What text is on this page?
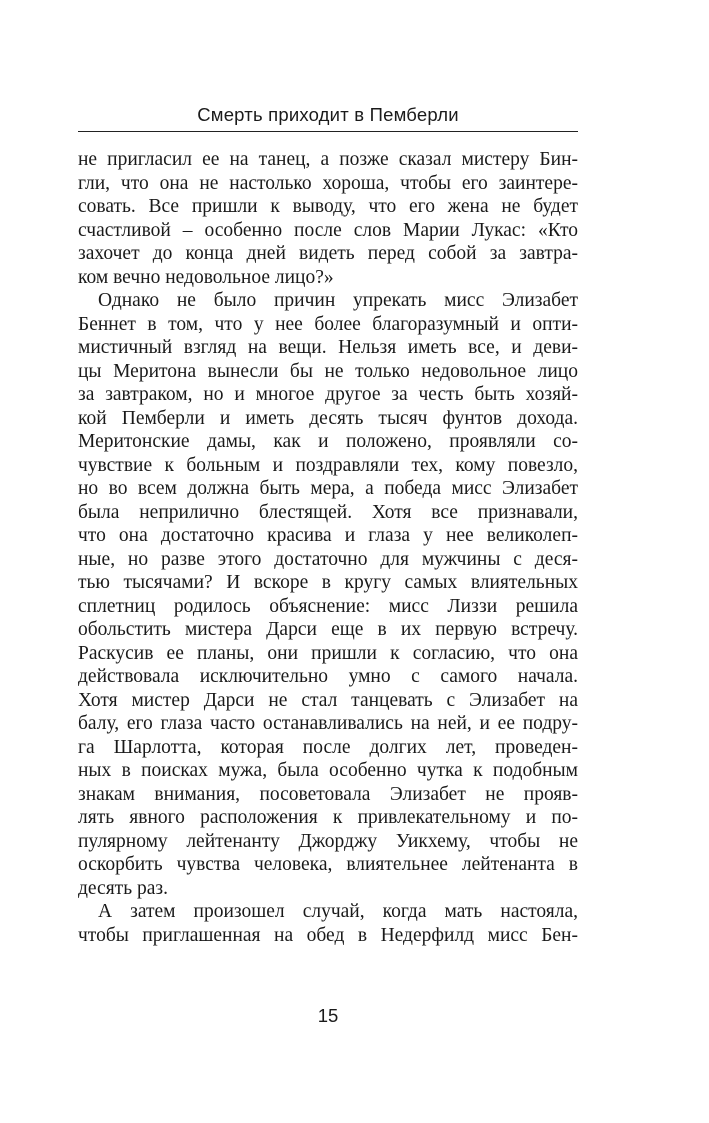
Смерть приходит в Пемберли
не пригласил ее на танец, а позже сказал мистеру Бин-
гли, что она не настолько хороша, чтобы его заинтере-
совать. Все пришли к выводу, что его жена не будет
счастливой – особенно после слов Марии Лукас: «Кто
захочет до конца дней видеть перед собой за завтра-
ком вечно недовольное лицо?»
Однако не было причин упрекать мисс Элизабет
Беннет в том, что у нее более благоразумный и опти-
мистичный взгляд на вещи. Нельзя иметь все, и деви-
цы Меритона вынесли бы не только недовольное лицо
за завтраком, но и многое другое за честь быть хозяй-
кой Пемберли и иметь десять тысяч фунтов дохода.
Меритонские дамы, как и положено, проявляли со-
чувствие к больным и поздравляли тех, кому повезло,
но во всем должна быть мера, а победа мисс Элизабет
была неприлично блестящей. Хотя все признавали,
что она достаточно красива и глаза у нее великолеп-
ные, но разве этого достаточно для мужчины с деся-
тью тысячами? И вскоре в кругу самых влиятельных
сплетниц родилось объяснение: мисс Лиззи решила
обольстить мистера Дарси еще в их первую встречу.
Раскусив ее планы, они пришли к согласию, что она
действовала исключительно умно с самого начала.
Хотя мистер Дарси не стал танцевать с Элизабет на
балу, его глаза часто останавливались на ней, и ее подру-
га Шарлотта, которая после долгих лет, проведен-
ных в поисках мужа, была особенно чутка к подобным
знакам внимания, посоветовала Элизабет не прояв-
лять явного расположения к привлекательному и по-
пулярному лейтенанту Джорджу Уикхему, чтобы не
оскорбить чувства человека, влиятельнее лейтенанта в
десять раз.
А затем произошел случай, когда мать настояла,
чтобы приглашенная на обед в Недерфилд мисс Бен-
15
